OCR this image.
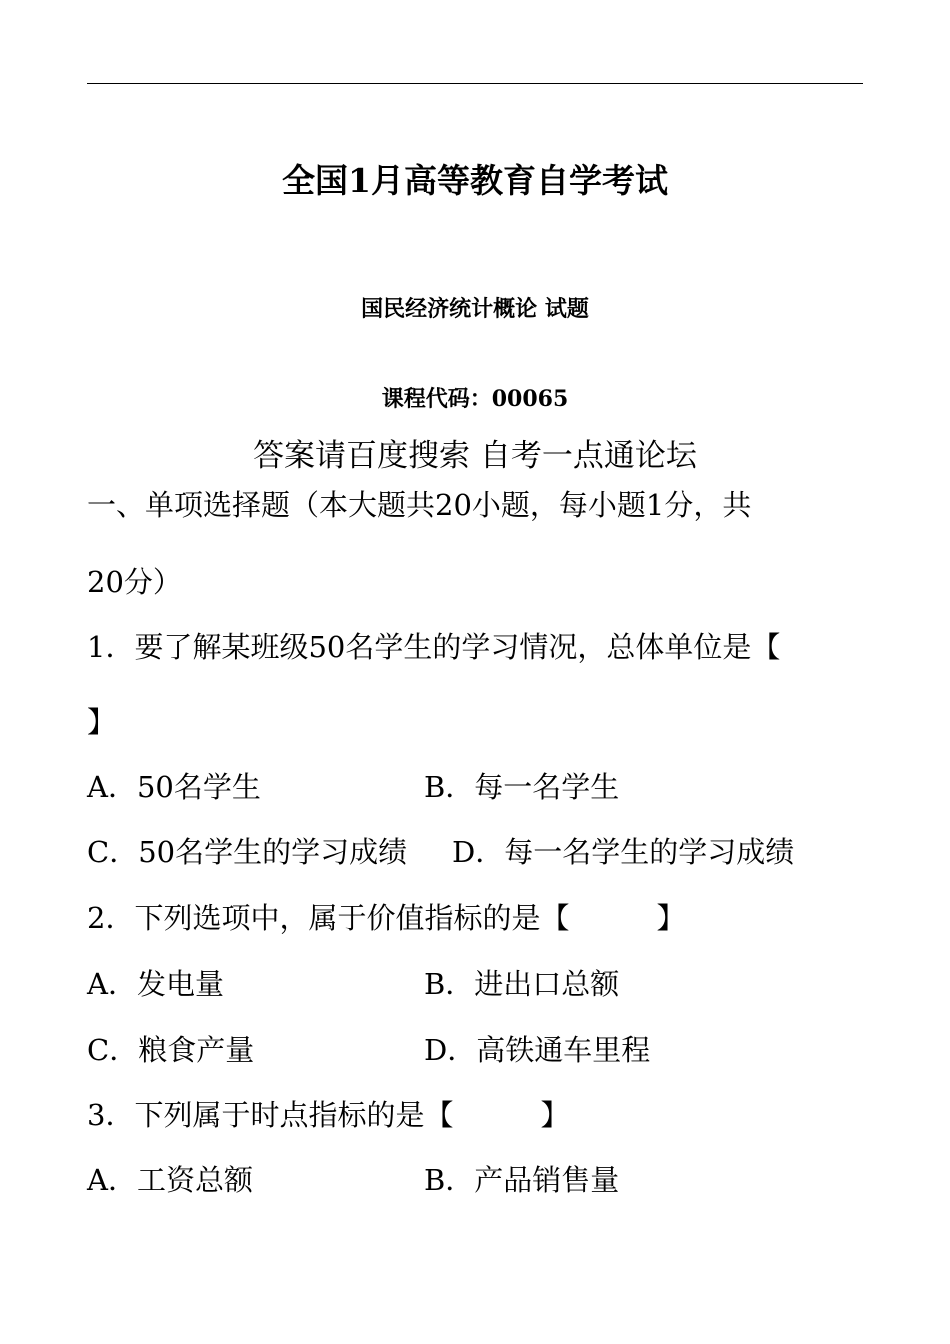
全国1月高等教育自学考试
国民经济统计概论 试题
课程代码：00065
答案请百度搜索 自考一点通论坛
一、单项选择题（本大题共20小题，每小题1分，共
20分）
1．要了解某班级50名学生的学习情况，总体单位是【
】
A．50名学生	B．每一名学生
C．50名学生的学习成绩 D．每一名学生的学习成绩
2．下列选项中，属于价值指标的是【　　　】
A．发电量	B．进出口总额
C．粮食产量	D．高铁通车里程
3．下列属于时点指标的是【　　　】
A．工资总额	B．产品销售量
